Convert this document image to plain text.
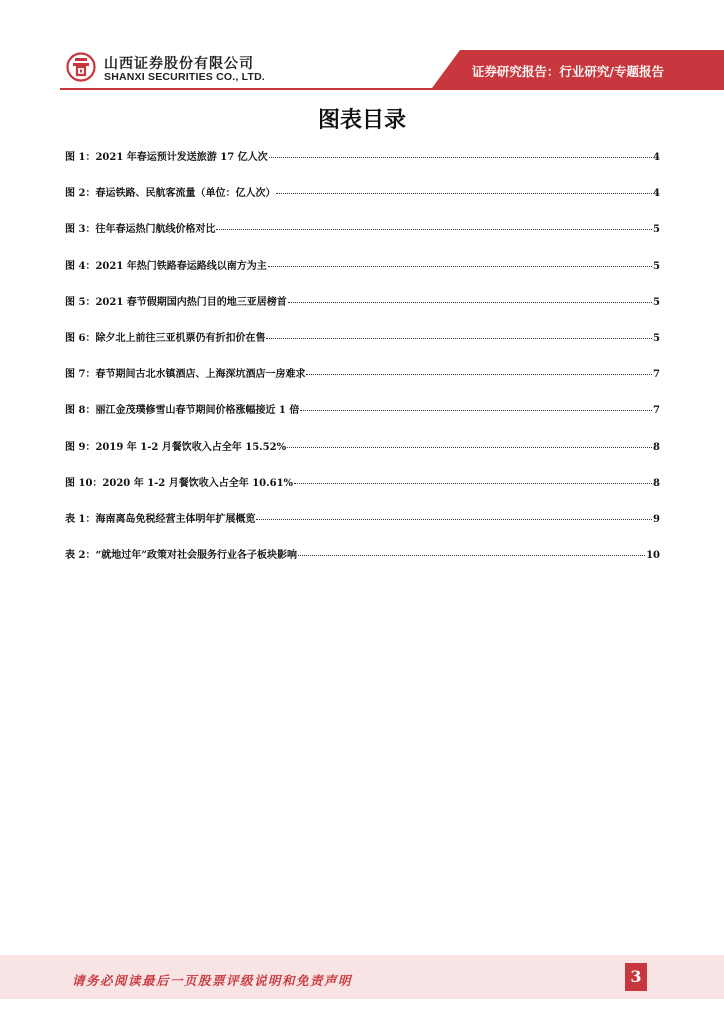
山西证券股份有限公司
SHANXI SECURITIES CO., LTD.	证券研究报告：行业研究/专题报告
图表目录
图 1：2021 年春运预计发送旅游 17 亿人次	4
图 2：春运铁路、民航客流量（单位：亿人次）	4
图 3：往年春运热门航线价格对比	5
图 4：2021 年热门铁路春运路线以南方为主	5
图 5：2021 春节假期国内热门目的地三亚居榜首	5
图 6：除夕北上前往三亚机票仍有折扣价在售	5
图 7：春节期间古北水镇酒店、上海深坑酒店一房难求	7
图 8：丽江金茂璞修雪山春节期间价格涨幅接近 1 倍	7
图 9：2019 年 1-2 月餐饮收入占全年 15.52%	8
图 10：2020 年 1-2 月餐饮收入占全年 10.61%	8
表 1：海南离岛免税经营主体明年扩展概览	9
表 2：“就地过年”政策对社会服务行业各子板块影响	10
请务必阅读最后一页股票评级说明和免责声明	3
